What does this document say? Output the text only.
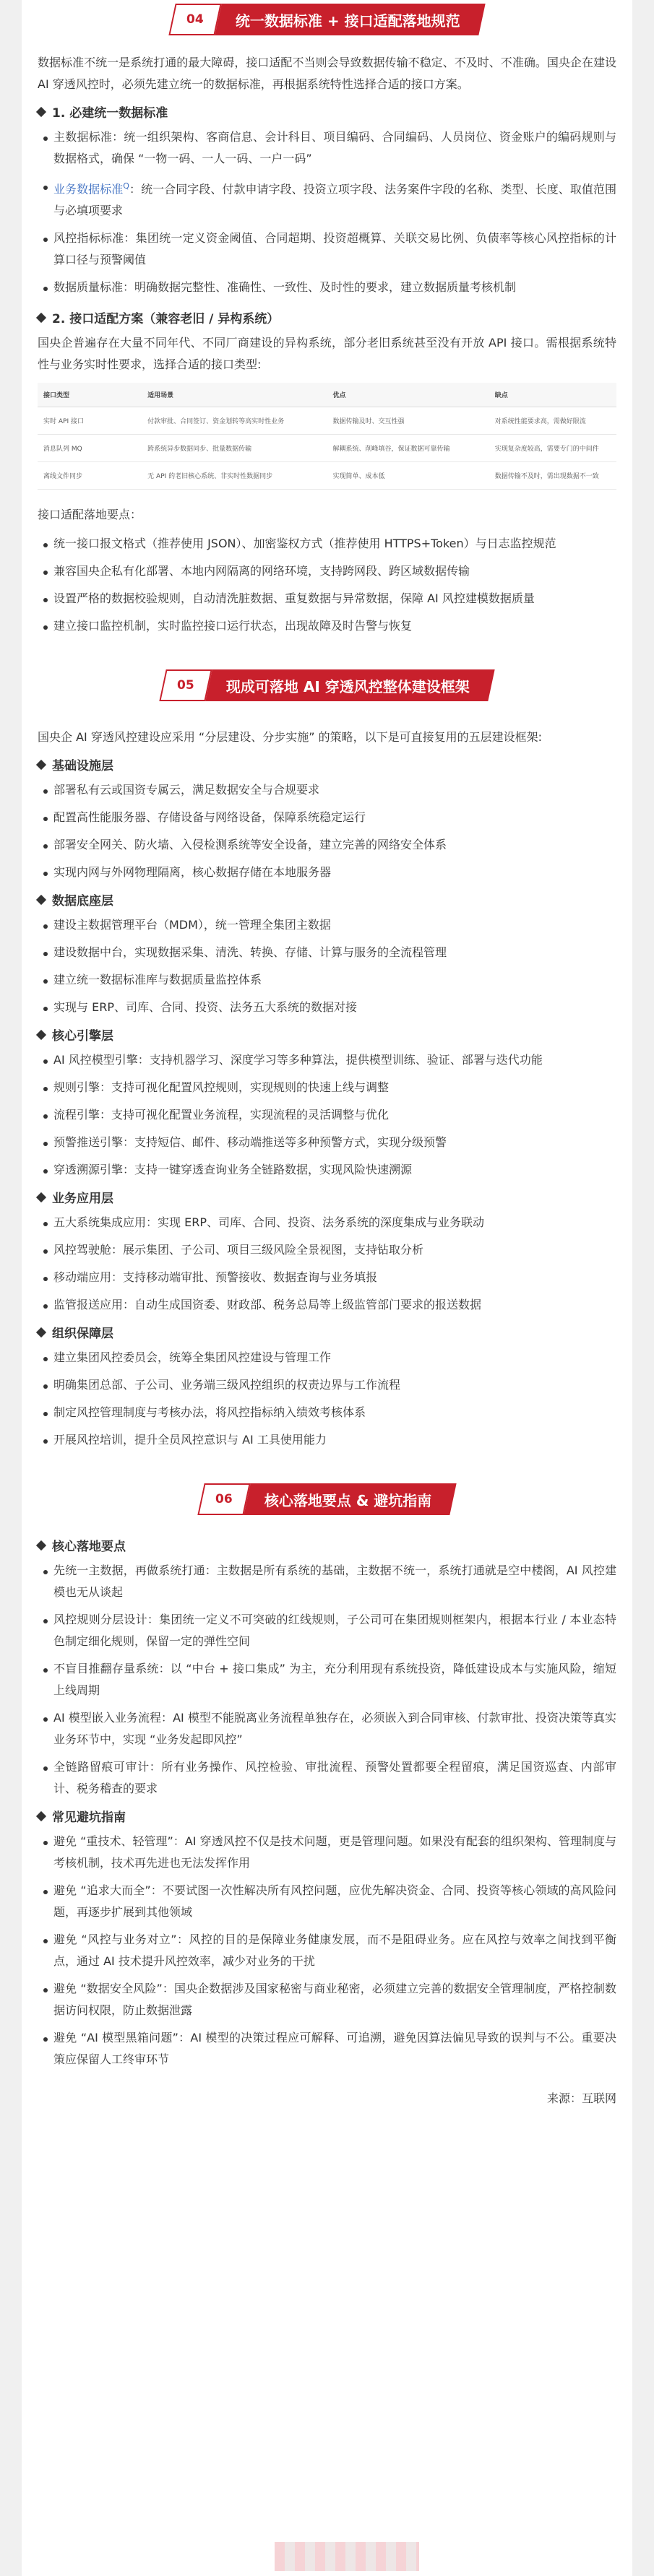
04 统一数据标准 + 接口适配落地规范

数据标准不统一是系统打通的最大障碍，接口适配不当则会导致数据传输不稳定、不及时、不准确。国央企在建设 AI 穿透风控时，必须先建立统一的数据标准，再根据系统特性选择合适的接口方案。

1. 必建统一数据标准
主数据标准：统一组织架构、客商信息、会计科目、项目编码、合同编码、人员岗位、资金账户的编码规则与数据格式，确保 “一物一码、一人一码、一户一码”
业务数据标准$^Q$：统一合同字段、付款申请字段、投资立项字段、法务案件字段的名称、类型、长度、取值范围与必填项要求
风控指标标准：集团统一定义资金阈值、合同超期、投资超概算、关联交易比例、负债率等核心风控指标的计算口径与预警阈值
数据质量标准：明确数据完整性、准确性、一致性、及时性的要求，建立数据质量考核机制
2. 接口适配方案（兼容老旧 / 异构系统）

国央企普遍存在大量不同年代、不同厂商建设的异构系统，部分老旧系统甚至没有开放 API 接口。需根据系统特性与业务实时性要求，选择合适的接口类型:

接口类型	适用场景	优点	缺点
实时 API 接口	付款审批、合同签订、资金划转等高实时性业务	数据传输及时、交互性强	对系统性能要求高，需做好限流
消息队列 MQ	跨系统异步数据同步、批量数据传输	解耦系统、削峰填谷，保证数据可靠传输	实现复杂度较高，需要专门的中间件
离线文件同步	无 API 的老旧核心系统、非实时性数据同步	实现简单、成本低	数据传输不及时，需出现数据不一致

接口适配落地要点：

统一接口报文格式（推荐使用 JSON）、加密鉴权方式（推荐使用 HTTPS+Token）与日志监控规范
兼容国央企私有化部署、本地内网隔离的网络环境，支持跨网段、跨区域数据传输
设置严格的数据校验规则，自动清洗脏数据、重复数据与异常数据，保障 AI 风控建模数据质量
建立接口监控机制，实时监控接口运行状态，出现故障及时告警与恢复
05 现成可落地 AI 穿透风控整体建设框架

国央企 AI 穿透风控建设应采用 “分层建设、分步实施” 的策略，以下是可直接复用的五层建设框架:

基础设施层
部署私有云或国资专属云，满足数据安全与合规要求
配置高性能服务器、存储设备与网络设备，保障系统稳定运行
部署安全网关、防火墙、入侵检测系统等安全设备，建立完善的网络安全体系
实现内网与外网物理隔离，核心数据存储在本地服务器
数据底座层
建设主数据管理平台（MDM），统一管理全集团主数据
建设数据中台，实现数据采集、清洗、转换、存储、计算与服务的全流程管理
建立统一数据标准库与数据质量监控体系
实现与 ERP、司库、合同、投资、法务五大系统的数据对接
核心引擎层
AI 风控模型引擎：支持机器学习、深度学习等多种算法，提供模型训练、验证、部署与迭代功能
规则引擎：支持可视化配置风控规则，实现规则的快速上线与调整
流程引擎：支持可视化配置业务流程，实现流程的灵活调整与优化
预警推送引擎：支持短信、邮件、移动端推送等多种预警方式，实现分级预警
穿透溯源引擎：支持一键穿透查询业务全链路数据，实现风险快速溯源
业务应用层
五大系统集成应用：实现 ERP、司库、合同、投资、法务系统的深度集成与业务联动
风控驾驶舱：展示集团、子公司、项目三级风险全景视图，支持钻取分析
移动端应用：支持移动端审批、预警接收、数据查询与业务填报
监管报送应用：自动生成国资委、财政部、税务总局等上级监管部门要求的报送数据
组织保障层
建立集团风控委员会，统筹全集团风控建设与管理工作
明确集团总部、子公司、业务端三级风控组织的权责边界与工作流程
制定风控管理制度与考核办法，将风控指标纳入绩效考核体系
开展风控培训，提升全员风控意识与 AI 工具使用能力
06 核心落地要点 & 避坑指南
核心落地要点
先统一主数据，再做系统打通：主数据是所有系统的基础，主数据不统一，系统打通就是空中楼阁，AI 风控建模也无从谈起
风控规则分层设计：集团统一定义不可突破的红线规则，子公司可在集团规则框架内，根据本行业 / 本业态特色制定细化规则，保留一定的弹性空间
不盲目推翻存量系统：以 “中台 + 接口集成” 为主，充分利用现有系统投资，降低建设成本与实施风险，缩短上线周期
AI 模型嵌入业务流程：AI 模型不能脱离业务流程单独存在，必须嵌入到合同审核、付款审批、投资决策等真实业务环节中，实现 “业务发起即风控”
全链路留痕可审计：所有业务操作、风控检验、审批流程、预警处置都要全程留痕，满足国资巡查、内部审计、税务稽查的要求
常见避坑指南
避免 “重技术、轻管理”：AI 穿透风控不仅是技术问题，更是管理问题。如果没有配套的组织架构、管理制度与考核机制，技术再先进也无法发挥作用
避免 “追求大而全”：不要试图一次性解决所有风控问题，应优先解决资金、合同、投资等核心领域的高风险问题，再逐步扩展到其他领域
避免 “风控与业务对立”：风控的目的是保障业务健康发展，而不是阻碍业务。应在风控与效率之间找到平衡点，通过 AI 技术提升风控效率，减少对业务的干扰
避免 “数据安全风险”：国央企数据涉及国家秘密与商业秘密，必须建立完善的数据安全管理制度，严格控制数据访问权限，防止数据泄露
避免 “AI 模型黑箱问题”：AI 模型的决策过程应可解释、可追溯，避免因算法偏见导致的误判与不公。重要决策应保留人工终审环节
来源：互联网
